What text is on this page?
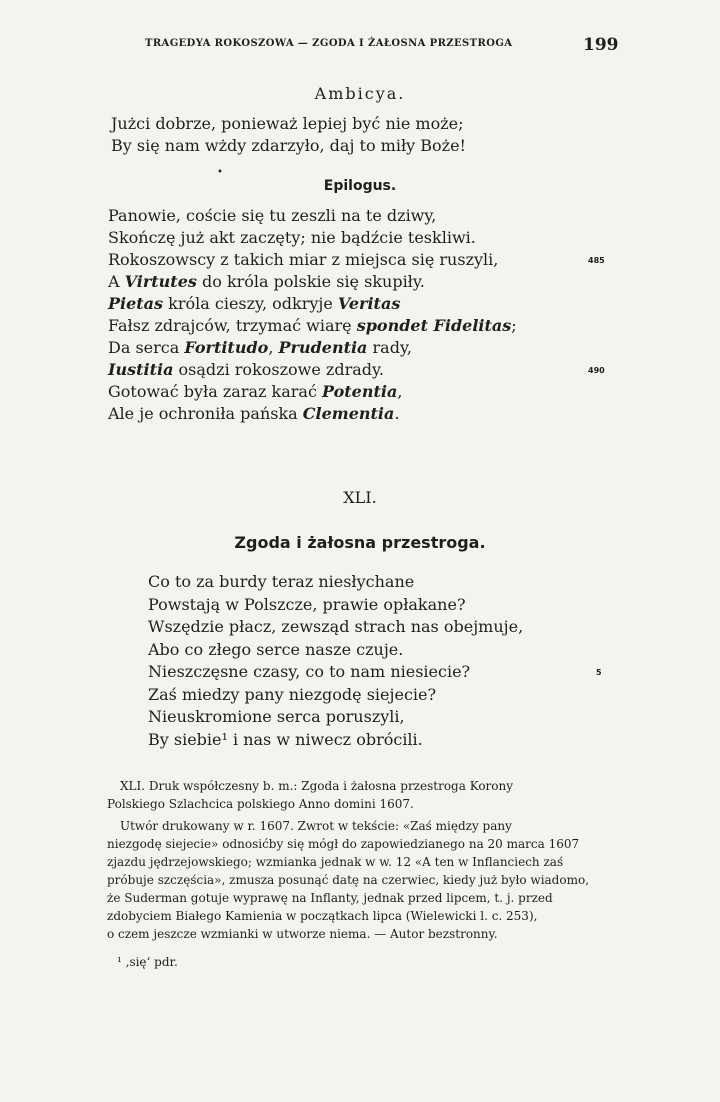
TRAGEDYA ROKOSZOWA — ZGODA I ŻAŁOSNA PRZESTROGA	199
Ambicya.
Jużci dobrze, ponieważ lepiej być nie może;
By się nam wżdy zdarzyło, daj to miły Boże!
•
Epilogus.
Panowie, coście się tu zeszli na te dziwy,
Skończę już akt zaczęty; nie bądźcie teskliwi.
Rokoszowscy z takich miar z miejsca się ruszyli,	485
A Virtutes do króla polskie się skupiły.
Pietas króla cieszy, odkryje Veritas
Fałsz zdrajców, trzymać wiarę spondet Fidelitas;
Da serca Fortitudo, Prudentia rady,
Iustitia osądzi rokoszowe zdrady.	490
Gotować była zaraz karać Potentia,
Ale je ochroniła pańska Clementia.
XLI.
Zgoda i żałosna przestroga.
Co to za burdy teraz niesłychane
Powstają w Polszcze, prawie opłakane?
Wszędzie płacz, zewsząd strach nas obejmuje,
Abo co złego serce nasze czuje.
Nieszczęsne czasy, co to nam niesiecie?	5
Zaś miedzy pany niezgodę siejecie?
Nieuskromione serca poruszyli,
By siebie¹ i nas w niwecz obrócili.
XLI. Druk współczesny b. m.: Zgoda i żałosna przestroga Korony
Polskiego Szlachcica polskiego Anno domini 1607.
Utwór drukowany w r. 1607. Zwrot w tekście: «Zaś między pany
niezgodę siejecie» odnosićby się mógł do zapowiedzianego na 20 marca 1607
zjazdu jędrzejowskiego; wzmianka jednak w w. 12 «A ten w Inflanciech zaś
próbuje szczęścia», zmusza posunąć datę na czerwiec, kiedy już było wiadomo,
że Suderman gotuje wyprawę na Inflanty, jednak przed lipcem, t. j. przed
zdobyciem Białego Kamienia w początkach lipca (Wielewicki l. c. 253),
o czem jeszcze wzmianki w utworze niema. — Autor bezstronny.
¹ ‚się‘ pdr.
